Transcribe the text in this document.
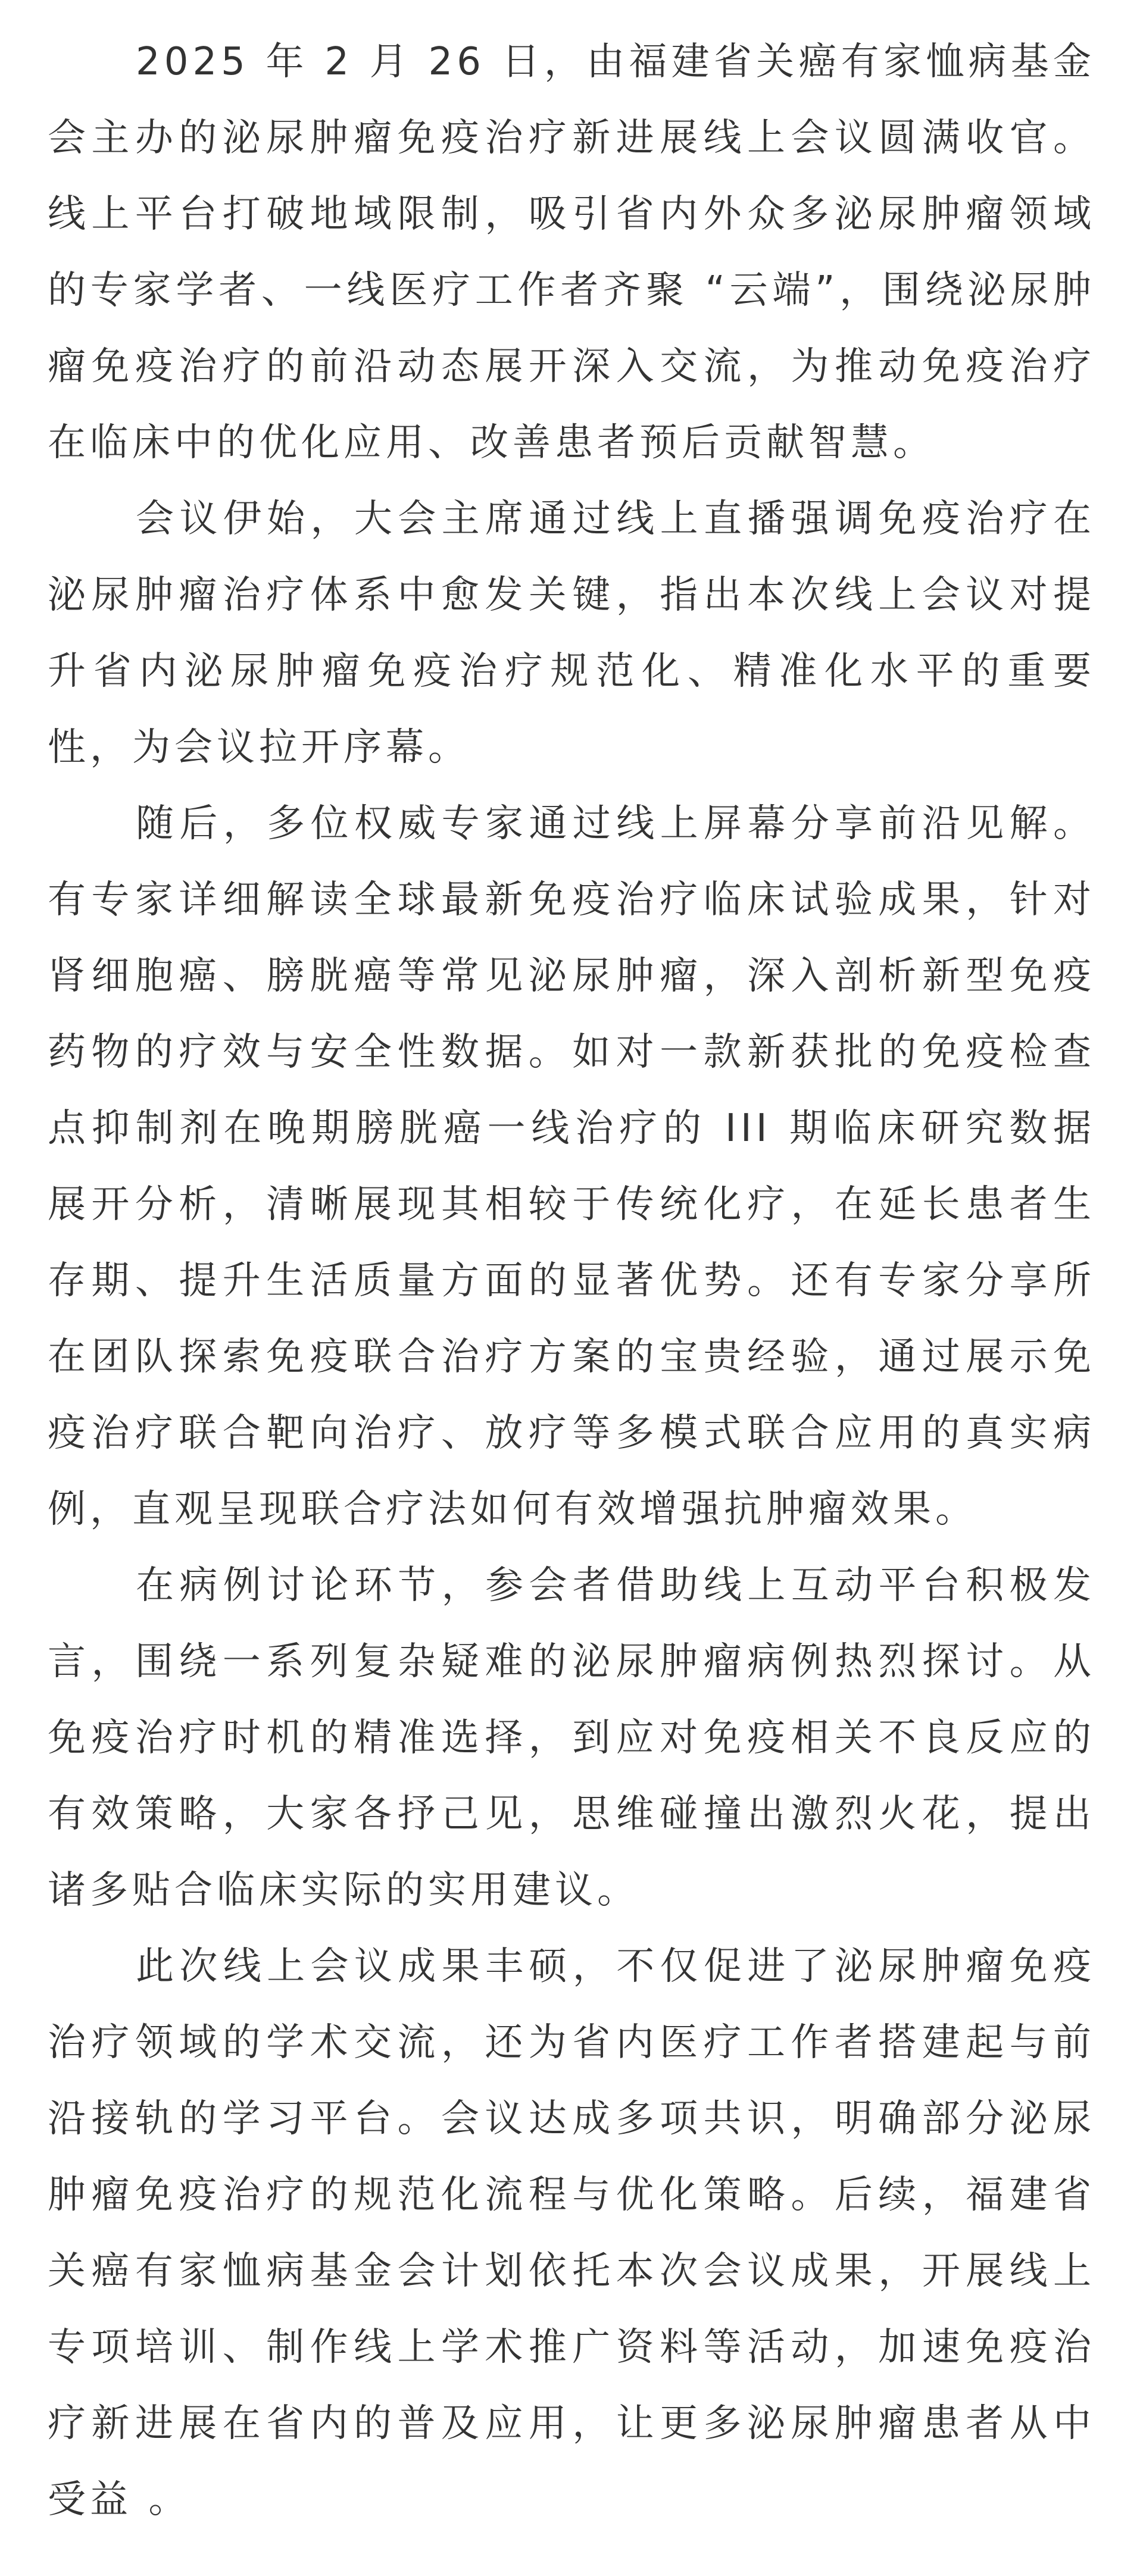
2025 年 2 月 26 日，由福建省关癌有家恤病基金会主办的泌尿肿瘤免疫治疗新进展线上会议圆满收官。线上平台打破地域限制，吸引省内外众多泌尿肿瘤领域的专家学者、一线医疗工作者齐聚 “云端”，围绕泌尿肿瘤免疫治疗的前沿动态展开深入交流，为推动免疫治疗在临床中的优化应用、改善患者预后贡献智慧。

会议伊始，大会主席通过线上直播强调免疫治疗在泌尿肿瘤治疗体系中愈发关键，指出本次线上会议对提升省内泌尿肿瘤免疫治疗规范化、精准化水平的重要性，为会议拉开序幕。

随后，多位权威专家通过线上屏幕分享前沿见解。有专家详细解读全球最新免疫治疗临床试验成果，针对肾细胞癌、膀胱癌等常见泌尿肿瘤，深入剖析新型免疫药物的疗效与安全性数据。如对一款新获批的免疫检查点抑制剂在晚期膀胱癌一线治疗的 III 期临床研究数据展开分析，清晰展现其相较于传统化疗，在延长患者生存期、提升生活质量方面的显著优势。还有专家分享所在团队探索免疫联合治疗方案的宝贵经验，通过展示免疫治疗联合靶向治疗、放疗等多模式联合应用的真实病例，直观呈现联合疗法如何有效增强抗肿瘤效果。

在病例讨论环节，参会者借助线上互动平台积极发言，围绕一系列复杂疑难的泌尿肿瘤病例热烈探讨。从免疫治疗时机的精准选择，到应对免疫相关不良反应的有效策略，大家各抒己见，思维碰撞出激烈火花，提出诸多贴合临床实际的实用建议。

此次线上会议成果丰硕，不仅促进了泌尿肿瘤免疫治疗领域的学术交流，还为省内医疗工作者搭建起与前沿接轨的学习平台。会议达成多项共识，明确部分泌尿肿瘤免疫治疗的规范化流程与优化策略。后续，福建省关癌有家恤病基金会计划依托本次会议成果，开展线上专项培训、制作线上学术推广资料等活动，加速免疫治疗新进展在省内的普及应用，让更多泌尿肿瘤患者从中受益 。
